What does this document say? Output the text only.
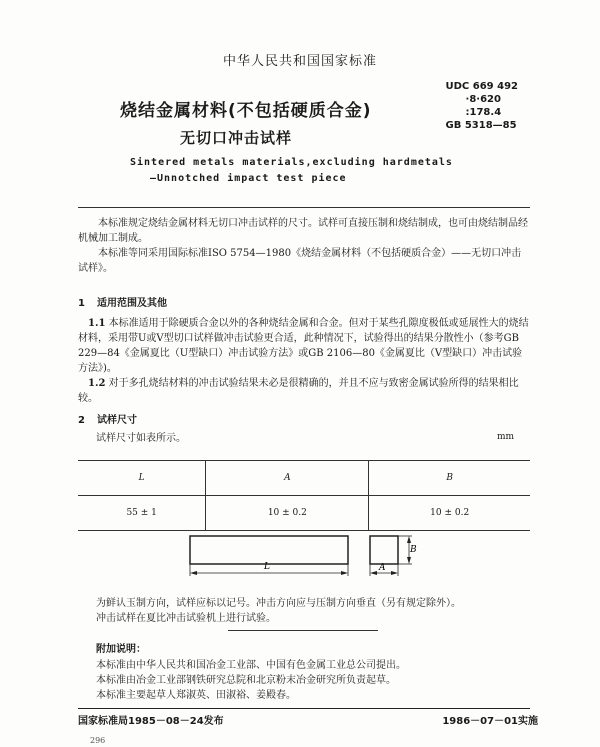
中华人民共和国国家标准
UDC 669 492
·8·620
:178.4
GB 5318—85
烧结金属材料(不包括硬质合金)
无切口冲击试样
Sintered metals materials,excluding hardmetals
—Unnotched impact test piece
本标准规定烧结金属材料无切口冲击试样的尺寸。试样可直接压制和烧结制成，也可由烧结制品经机械加工制成。
本标准等同采用国际标准ISO 5754—1980《烧结金属材料（不包括硬质合金）——无切口冲击试样》。
1 适用范围及其他
1.1 本标准适用于除硬质合金以外的各种烧结金属和合金。但对于某些孔隙度极低或延展性大的烧结材料，采用带U或V型切口试样做冲击试验更合适，此种情况下，试验得出的结果分散性小（参考GB 229—84《金属夏比（U型缺口）冲击试验方法》或GB 2106—80《金属夏比（V型缺口）冲击试验方法》)。
1.2 对于多孔烧结材料的冲击试验结果未必是很精确的，并且不应与致密金属试验所得的结果相比较。
2 试样尺寸
试样尺寸如表所示。	mm
L	A	B
55 ± 1	10 ± 0.2	10 ± 0.2
L
B
A
为鲜认玉制方向，试样应标以记号。冲击方向应与压制方向垂直（另有规定除外）。
冲击试样在夏比冲击试验机上进行试验。
附加说明：
本标准由中华人民共和国冶金工业部、中国有色金属工业总公司提出。
本标准由冶金工业部钢铁研究总院和北京粉末冶金研究所负责起草。
本标准主要起草人郑淑英、田淑裕、姜殿春。
国家标准局1985－08－24发布	1986－07－01实施
296
